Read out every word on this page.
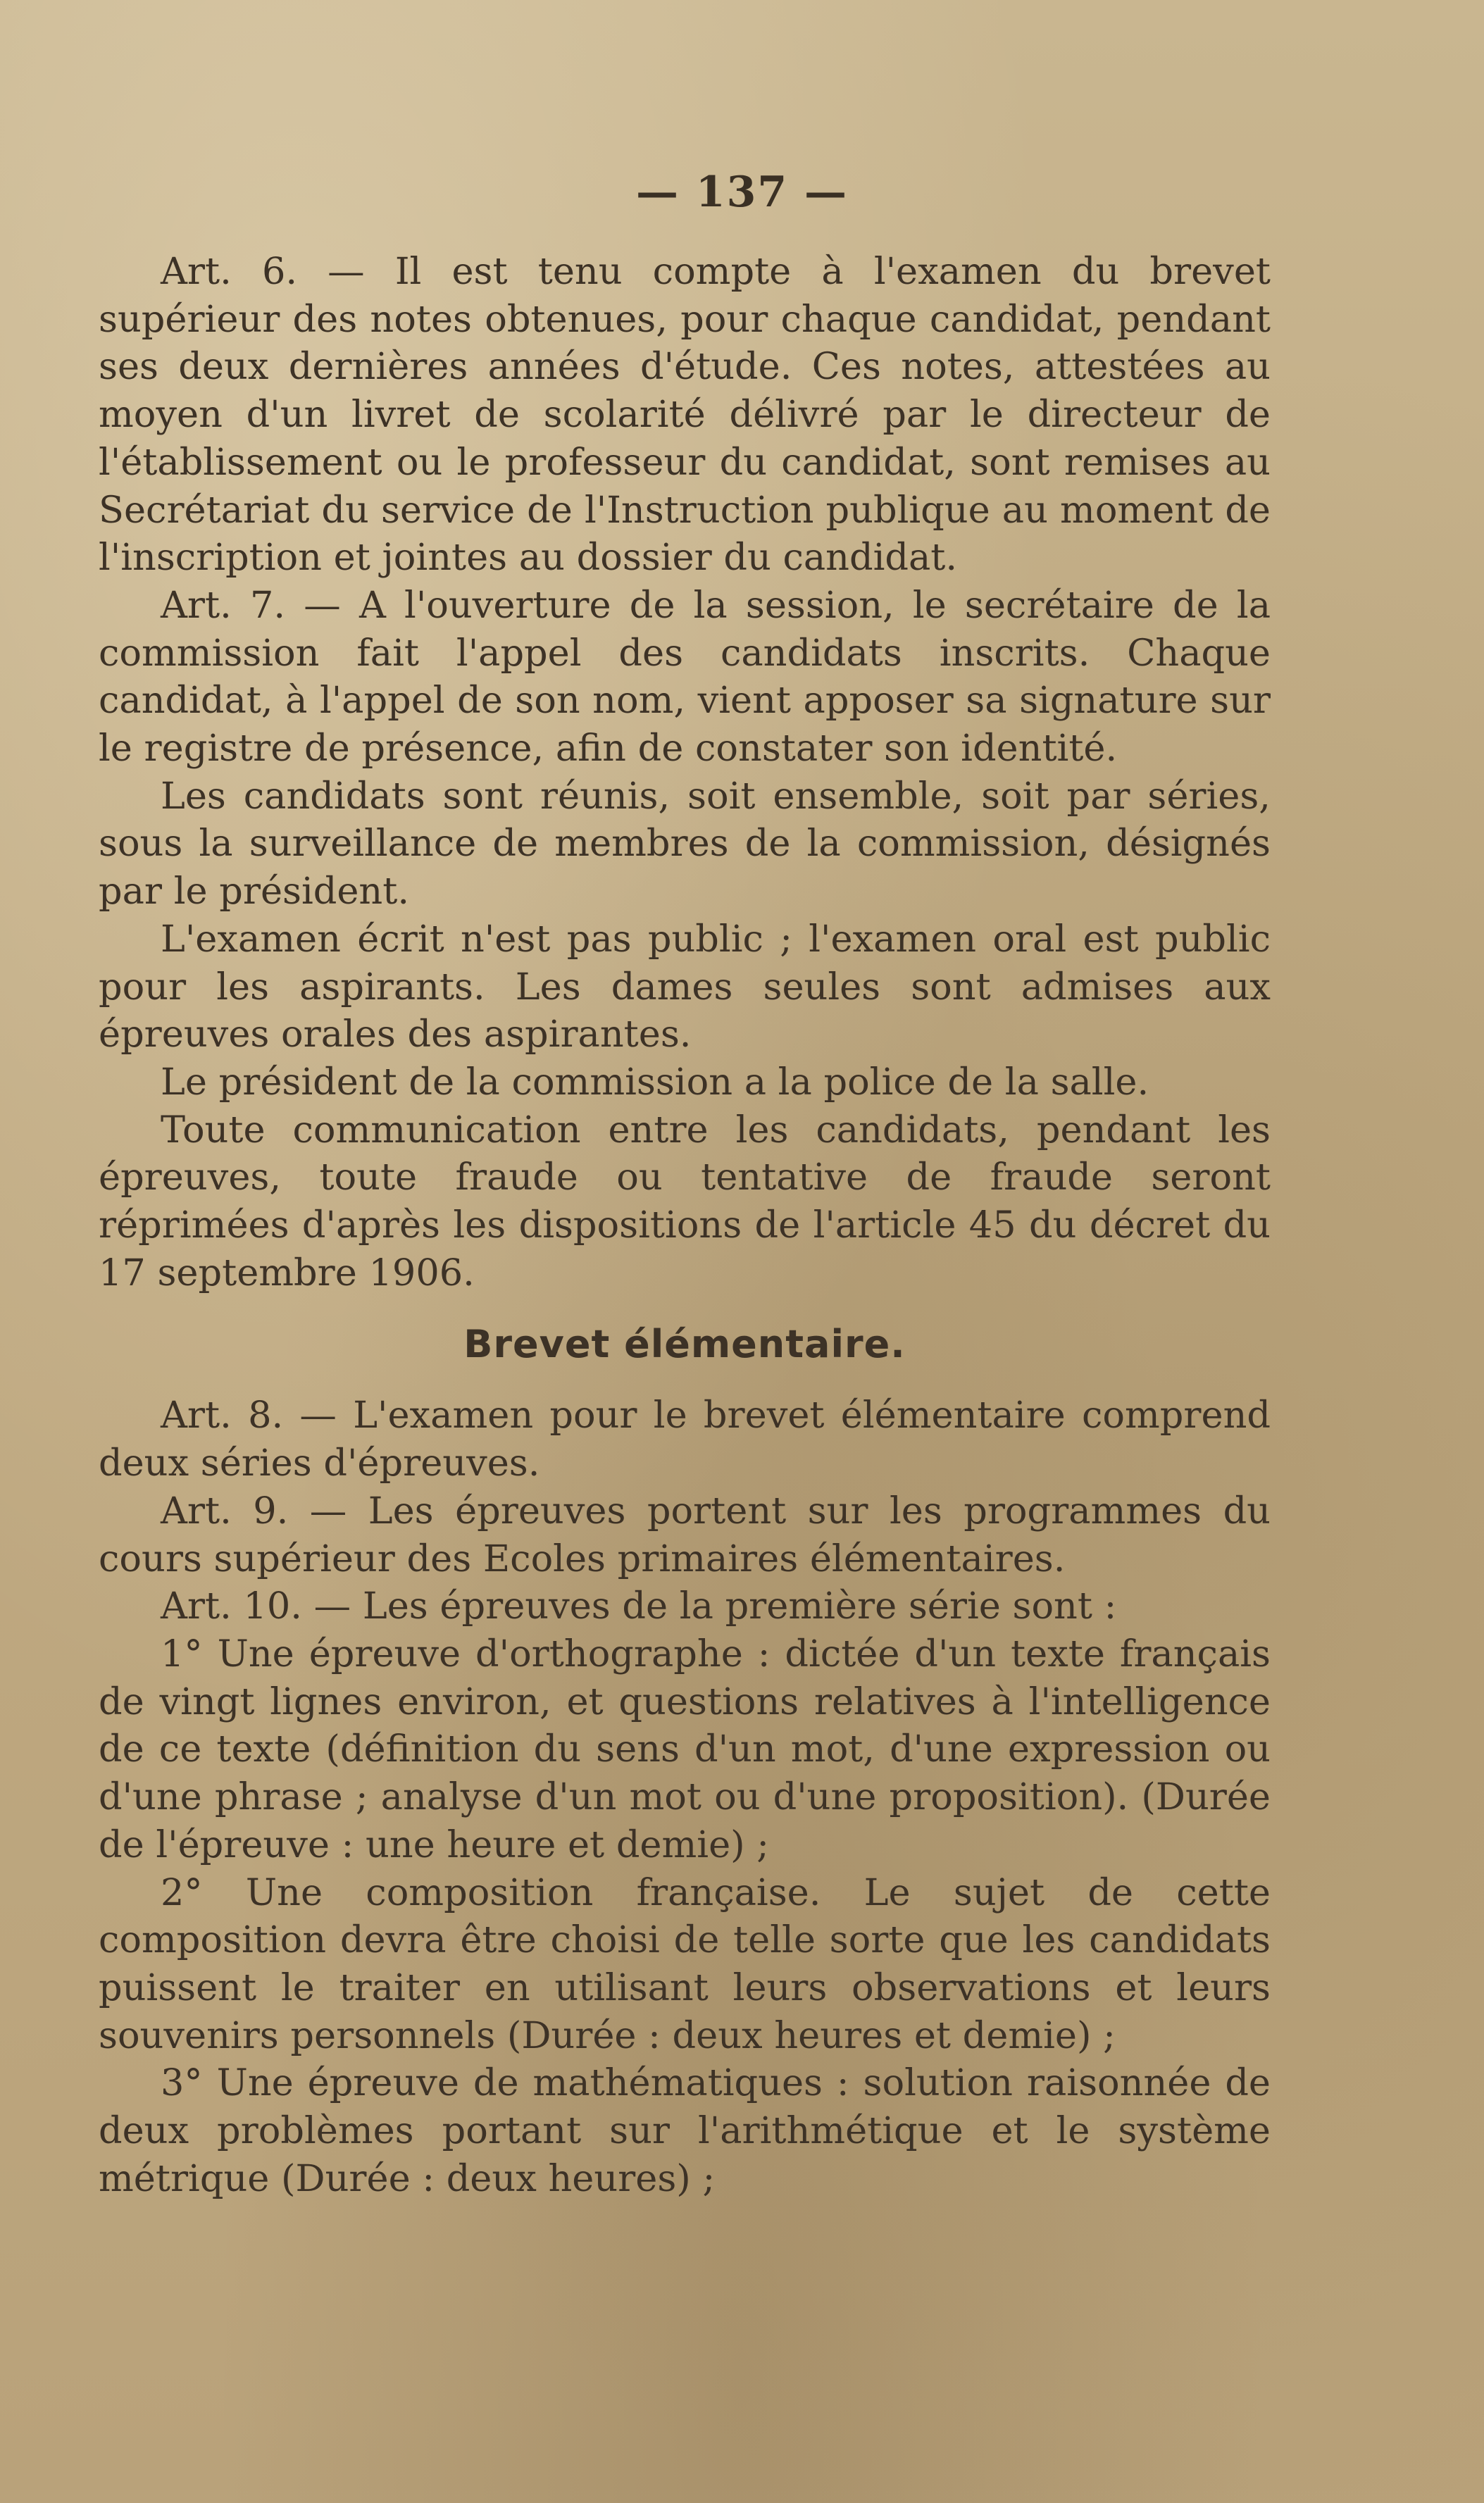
— 137 —

Art. 6. — Il est tenu compte à l'examen du brevet supérieur des notes obtenues, pour chaque candidat, pendant ses deux dernières années d'étude. Ces notes, attestées au moyen d'un livret de scolarité délivré par le directeur de l'établissement ou le professeur du candidat, sont remises au Secrétariat du service de l'Instruction publique au moment de l'inscription et jointes au dossier du candidat.

Art. 7. — A l'ouverture de la session, le secrétaire de la commission fait l'appel des candidats inscrits. Chaque candidat, à l'appel de son nom, vient apposer sa signature sur le registre de présence, afin de constater son identité.

Les candidats sont réunis, soit ensemble, soit par séries, sous la surveillance de membres de la commission, désignés par le président.

L'examen écrit n'est pas public ; l'examen oral est public pour les aspirants. Les dames seules sont admises aux épreuves orales des aspirantes.

Le président de la commission a la police de la salle.

Toute communication entre les candidats, pendant les épreuves, toute fraude ou tentative de fraude seront réprimées d'après les dispositions de l'article 45 du décret du 17 septembre 1906.

Brevet élémentaire.

Art. 8. — L'examen pour le brevet élémentaire comprend deux séries d'épreuves.

Art. 9. — Les épreuves portent sur les programmes du cours supérieur des Ecoles primaires élémentaires.

Art. 10. — Les épreuves de la première série sont :

1° Une épreuve d'orthographe : dictée d'un texte français de vingt lignes environ, et questions relatives à l'intelligence de ce texte (définition du sens d'un mot, d'une expression ou d'une phrase ; analyse d'un mot ou d'une proposition). (Durée de l'épreuve : une heure et demie) ;

2° Une composition française. Le sujet de cette composition devra être choisi de telle sorte que les candidats puissent le traiter en utilisant leurs observations et leurs souvenirs personnels (Durée : deux heures et demie) ;

3° Une épreuve de mathématiques : solution raisonnée de deux problèmes portant sur l'arithmétique et le système métrique (Durée : deux heures) ;
